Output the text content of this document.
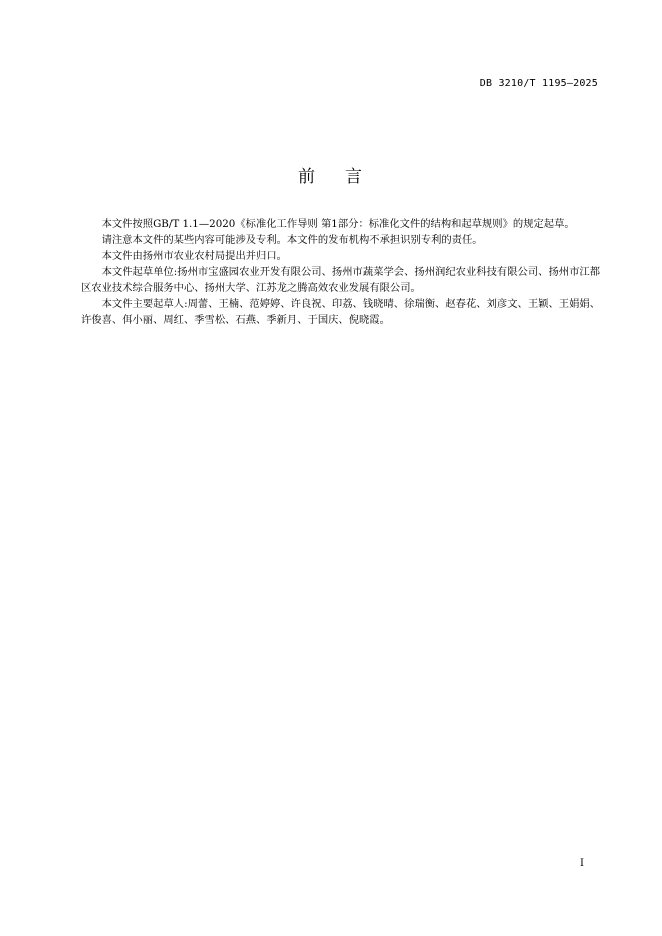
DB 3210/T 1195—2025
前 言

本文件按照GB/T 1.1—2020《标准化工作导则 第1部分：标准化文件的结构和起草规则》的规定起草。

请注意本文件的某些内容可能涉及专利。本文件的发布机构不承担识别专利的责任。

本文件由扬州市农业农村局提出并归口。

本文件起草单位:扬州市宝盛园农业开发有限公司、扬州市蔬菜学会、扬州润纪农业科技有限公司、扬州市江都区农业技术综合服务中心、扬州大学、江苏龙之腾高效农业发展有限公司。

本文件主要起草人:周蕾、王楠、范婷婷、许良祝、印荔、钱晓晴、徐瑞衡、赵春花、刘彦文、王颖、王娟娟、许俊喜、佴小丽、周红、季雪松、石燕、季新月、于国庆、倪晓霞。

I
